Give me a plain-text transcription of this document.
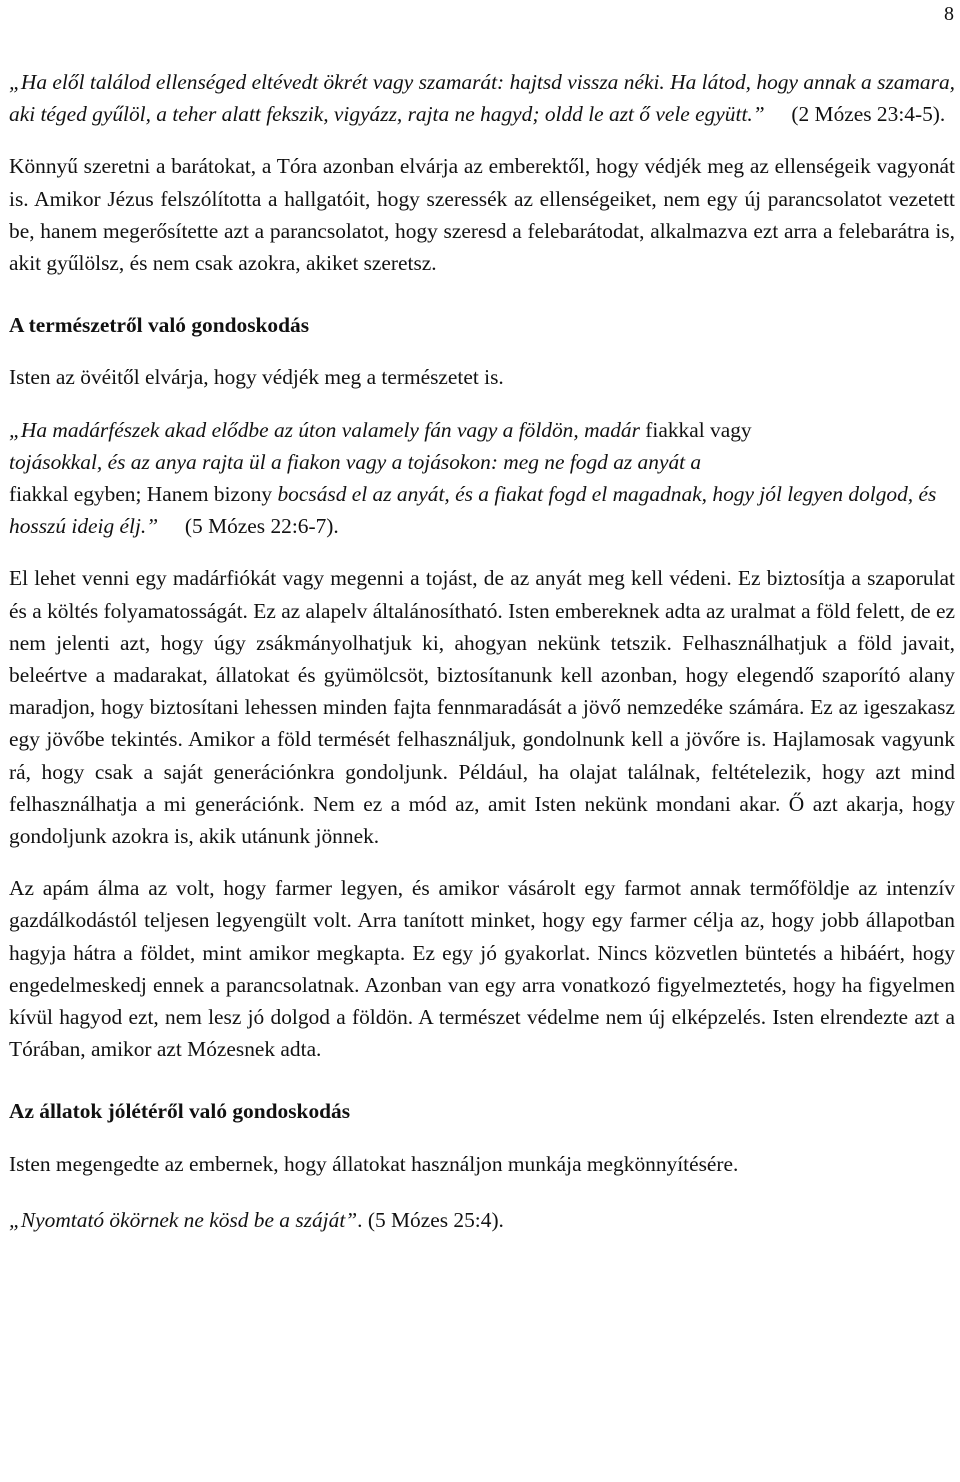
8

„Ha elől találod ellenséged eltévedt ökrét vagy szamarát: hajtsd vissza néki. Ha látod, hogy annak a szamara, aki téged gyűlöl, a teher alatt fekszik, vigyázz, rajta ne hagyd; oldd le azt ő vele együtt.” (2 Mózes 23:4-5).

Könnyű szeretni a barátokat, a Tóra azonban elvárja az emberektől, hogy védjék meg az ellenségeik vagyonát is. Amikor Jézus felszólította a hallgatóit, hogy szeressék az ellenségeiket, nem egy új parancsolatot vezetett be, hanem megerősítette azt a parancsolatot, hogy szeresd a felebarátodat, alkalmazva ezt arra a felebarátra is, akit gyűlölsz, és nem csak azokra, akiket szeretsz.

A természetről való gondoskodás

Isten az övéitől elvárja, hogy védjék meg a természetet is.

„Ha madárfészek akad elődbe az úton valamely fán vagy a földön, madár fiakkal vagy
tojásokkal, és az anya rajta ül a fiakon vagy a tojásokon: meg ne fogd az anyát a
fiakkal egyben; Hanem bizony bocsásd el az anyát, és a fiakat fogd el magadnak, hogy jól legyen dolgod, és hosszú ideig élj.” (5 Mózes 22:6-7).

El lehet venni egy madárfiókát vagy megenni a tojást, de az anyát meg kell védeni. Ez biztosítja a szaporulat és a költés folyamatosságát. Ez az alapelv általánosítható. Isten embereknek adta az uralmat a föld felett, de ez nem jelenti azt, hogy úgy zsákmányolhatjuk ki, ahogyan nekünk tetszik. Felhasználhatjuk a föld javait, beleértve a madarakat, állatokat és gyümölcsöt, biztosítanunk kell azonban, hogy elegendő szaporító alany maradjon, hogy biztosítani lehessen minden fajta fennmaradását a jövő nemzedéke számára. Ez az igeszakasz egy jövőbe tekintés. Amikor a föld termését felhasználjuk, gondolnunk kell a jövőre is. Hajlamosak vagyunk rá, hogy csak a saját generációnkra gondoljunk. Például, ha olajat találnak, feltételezik, hogy azt mind felhasználhatja a mi generációnk. Nem ez a mód az, amit Isten nekünk mondani akar. Ő azt akarja, hogy gondoljunk azokra is, akik utánunk jönnek.

Az apám álma az volt, hogy farmer legyen, és amikor vásárolt egy farmot annak termőföldje az intenzív gazdálkodástól teljesen legyengült volt. Arra tanított minket, hogy egy farmer célja az, hogy jobb állapotban hagyja hátra a földet, mint amikor megkapta. Ez egy jó gyakorlat. Nincs közvetlen büntetés a hibáért, hogy engedelmeskedj ennek a parancsolatnak. Azonban van egy arra vonatkozó figyelmeztetés, hogy ha figyelmen kívül hagyod ezt, nem lesz jó dolgod a földön. A természet védelme nem új elképzelés. Isten elrendezte azt a Tórában, amikor azt Mózesnek adta.

Az állatok jólétéről való gondoskodás

Isten megengedte az embernek, hogy állatokat használjon munkája megkönnyítésére.

„Nyomtató ökörnek ne kösd be a száját”. (5 Mózes 25:4).
